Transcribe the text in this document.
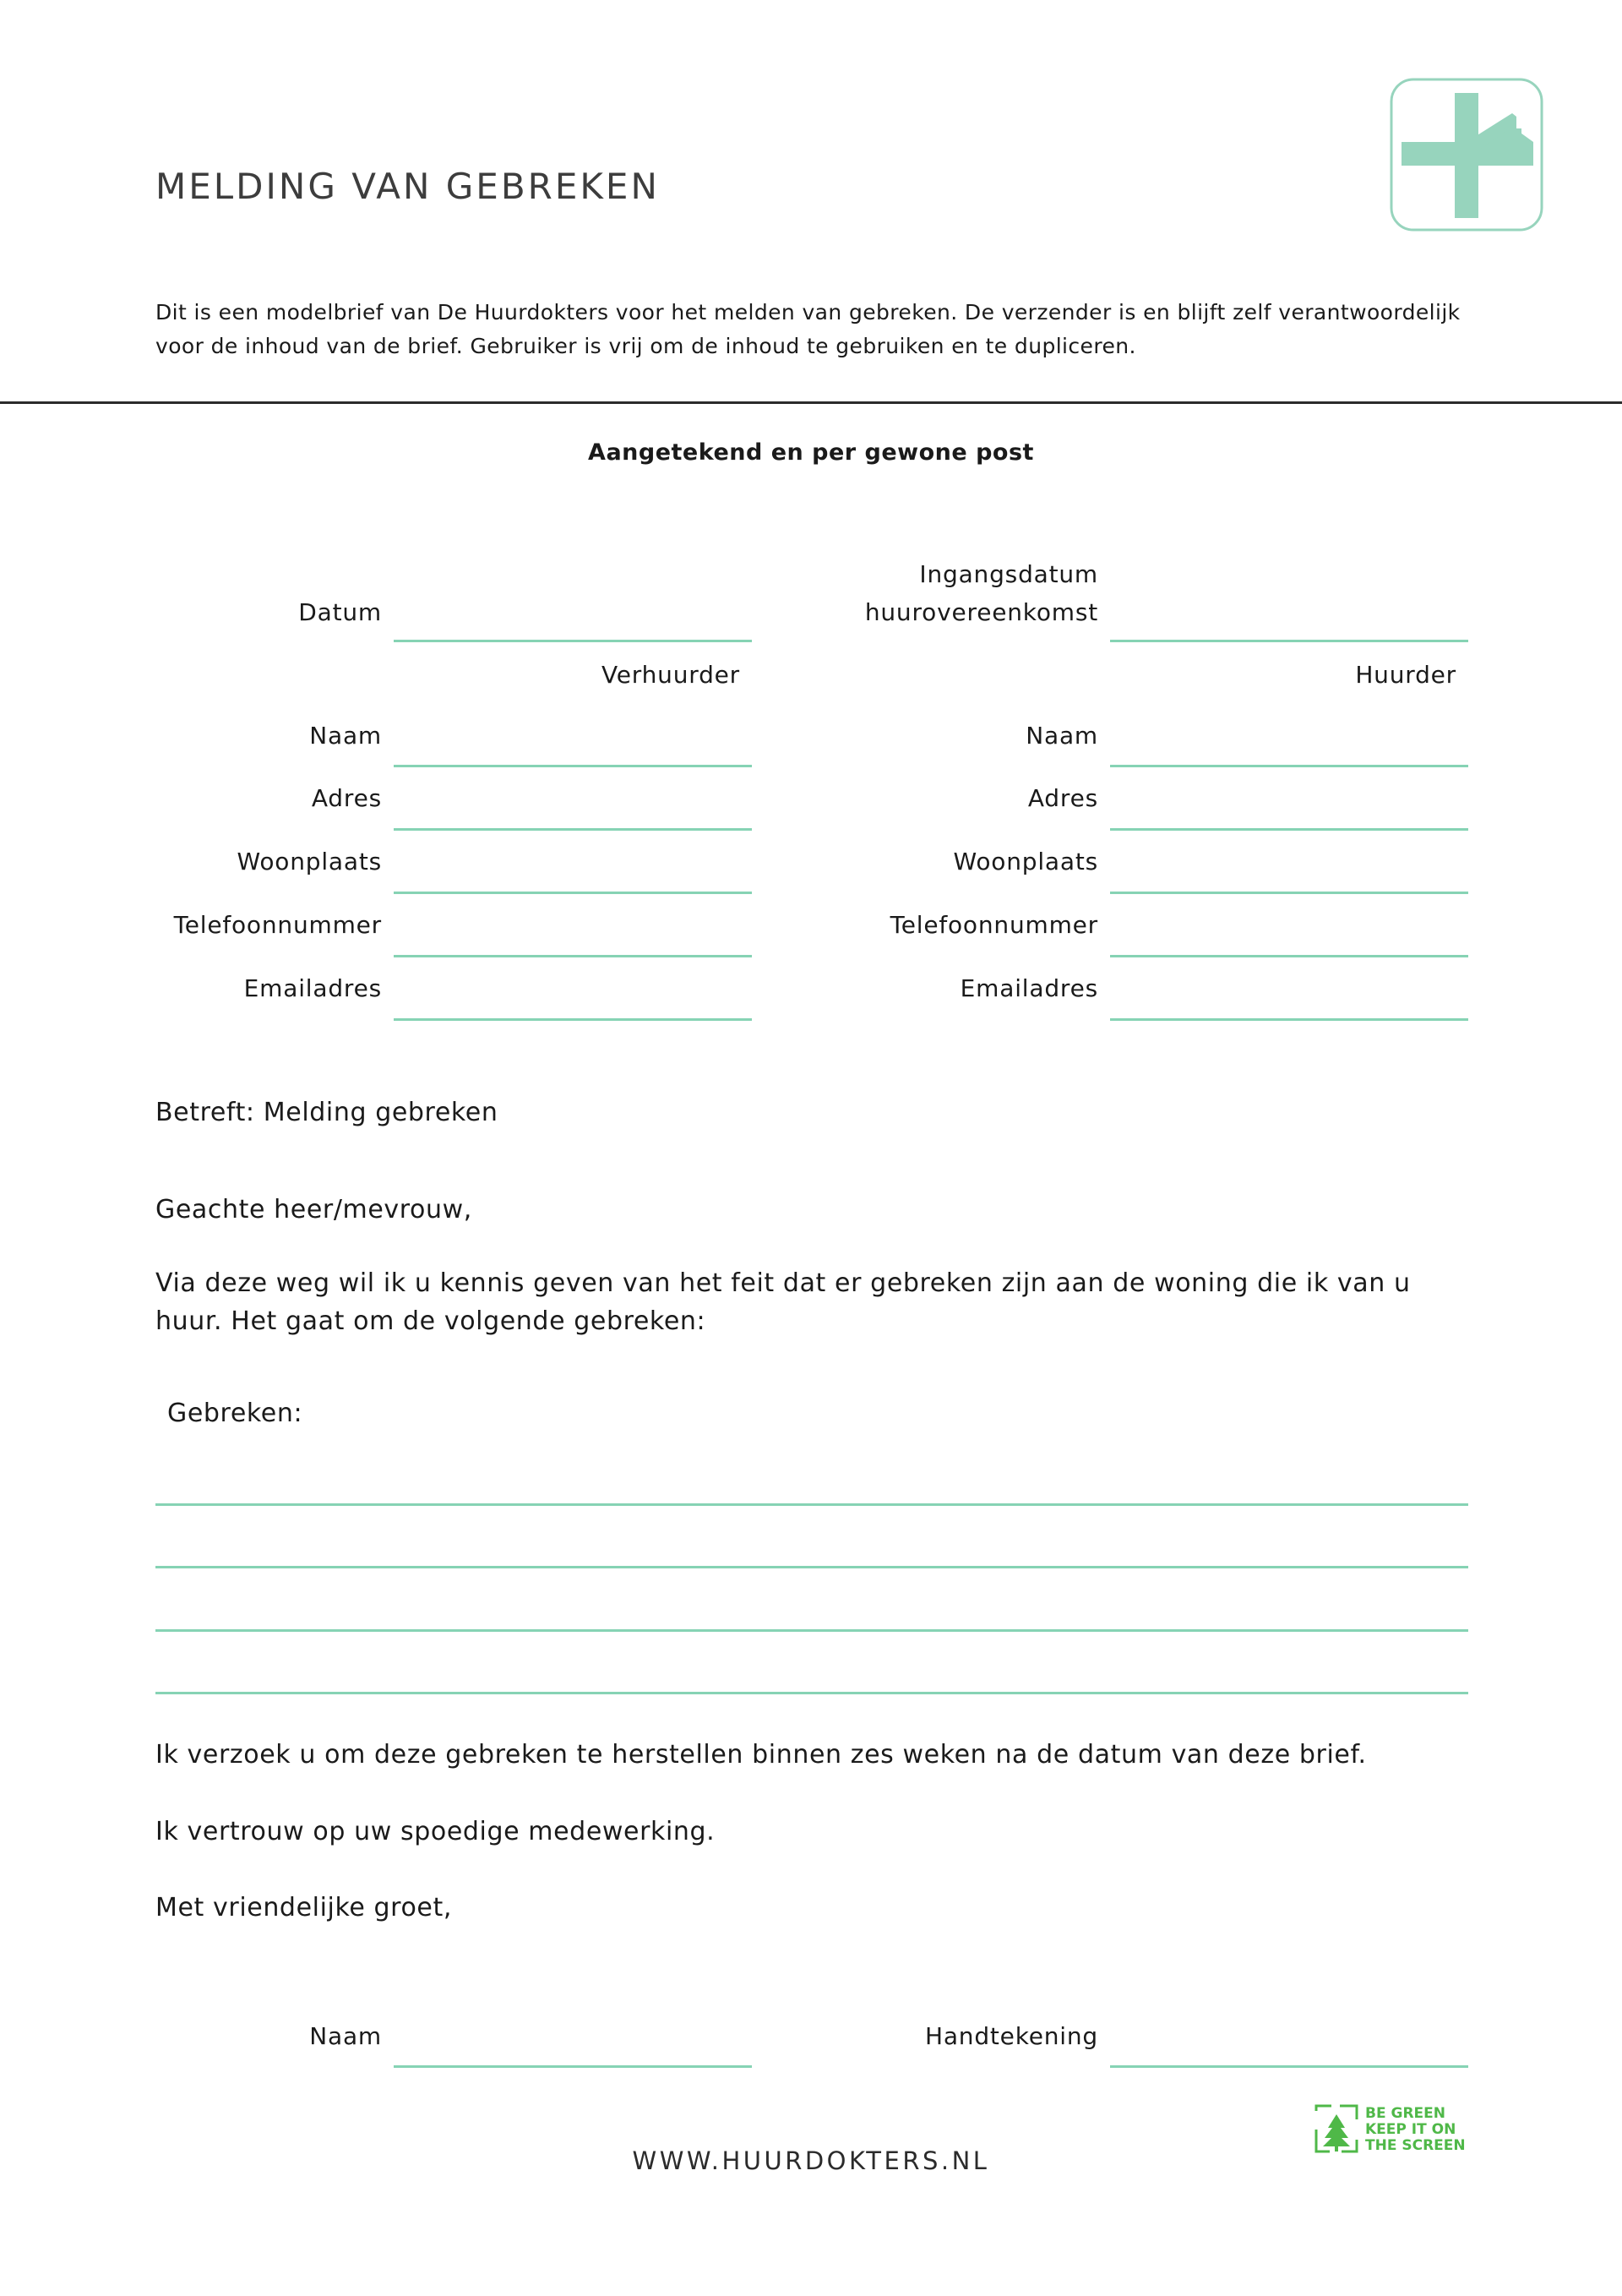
MELDING VAN GEBREKEN
Dit is een modelbrief van De Huurdokters voor het melden van gebreken. De verzender is en blijft zelf verantwoordelijk voor de inhoud van de brief. Gebruiker is vrij om de inhoud te gebruiken en te dupliceren.
Aangetekend en per gewone post
Datum
Ingangsdatum
huurovereenkomst
Verhuurder	Huurder
Naam
Adres
Woonplaats
Telefoonnummer
Emailadres
Naam
Adres
Woonplaats
Telefoonnummer
Emailadres
Betreft: Melding gebreken
Geachte heer/mevrouw,
Via deze weg wil ik u kennis geven van het feit dat er gebreken zijn aan de woning die ik van u huur. Het gaat om de volgende gebreken:
Gebreken:
Ik verzoek u om deze gebreken te herstellen binnen zes weken na de datum van deze brief.
Ik vertrouw op uw spoedige medewerking.
Met vriendelijke groet,
Naam	Handtekening
BE GREEN
KEEP IT ON
THE SCREEN
WWW.HUURDOKTERS.NL
